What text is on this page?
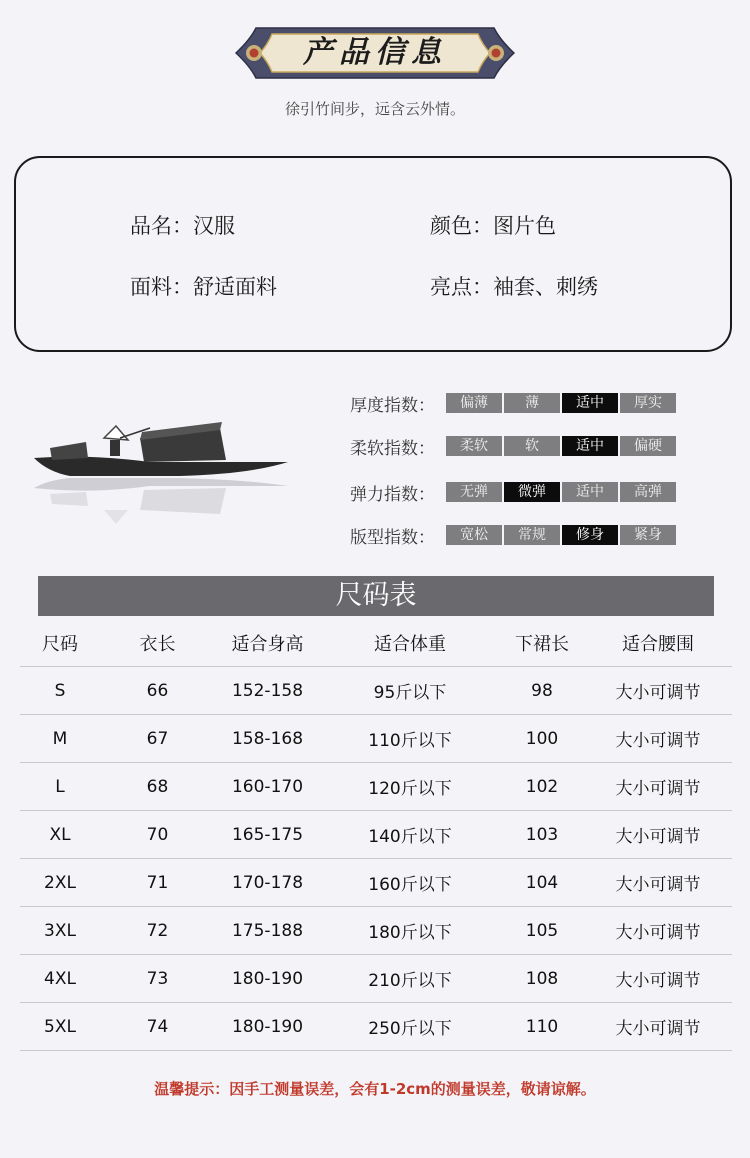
产品信息
徐引竹间步，远含云外情。
品名：汉服	颜色：图片色
面料：舒适面料	亮点：袖套、刺绣
厚度指数：	偏薄	薄	适中	厚实
柔软指数：	柔软	软	适中	偏硬
弹力指数：	无弹	微弹	适中	高弹
版型指数：	宽松	常规	修身	紧身
尺码表
尺码	衣长	适合身高	适合体重	下裙长	适合腰围
S	66	152-158	95斤以下	98	大小可调节
M	67	158-168	110斤以下	100	大小可调节
L	68	160-170	120斤以下	102	大小可调节
XL	70	165-175	140斤以下	103	大小可调节
2XL	71	170-178	160斤以下	104	大小可调节
3XL	72	175-188	180斤以下	105	大小可调节
4XL	73	180-190	210斤以下	108	大小可调节
5XL	74	180-190	250斤以下	110	大小可调节
温馨提示：因手工测量误差，会有1-2cm的测量误差，敬请谅解。
